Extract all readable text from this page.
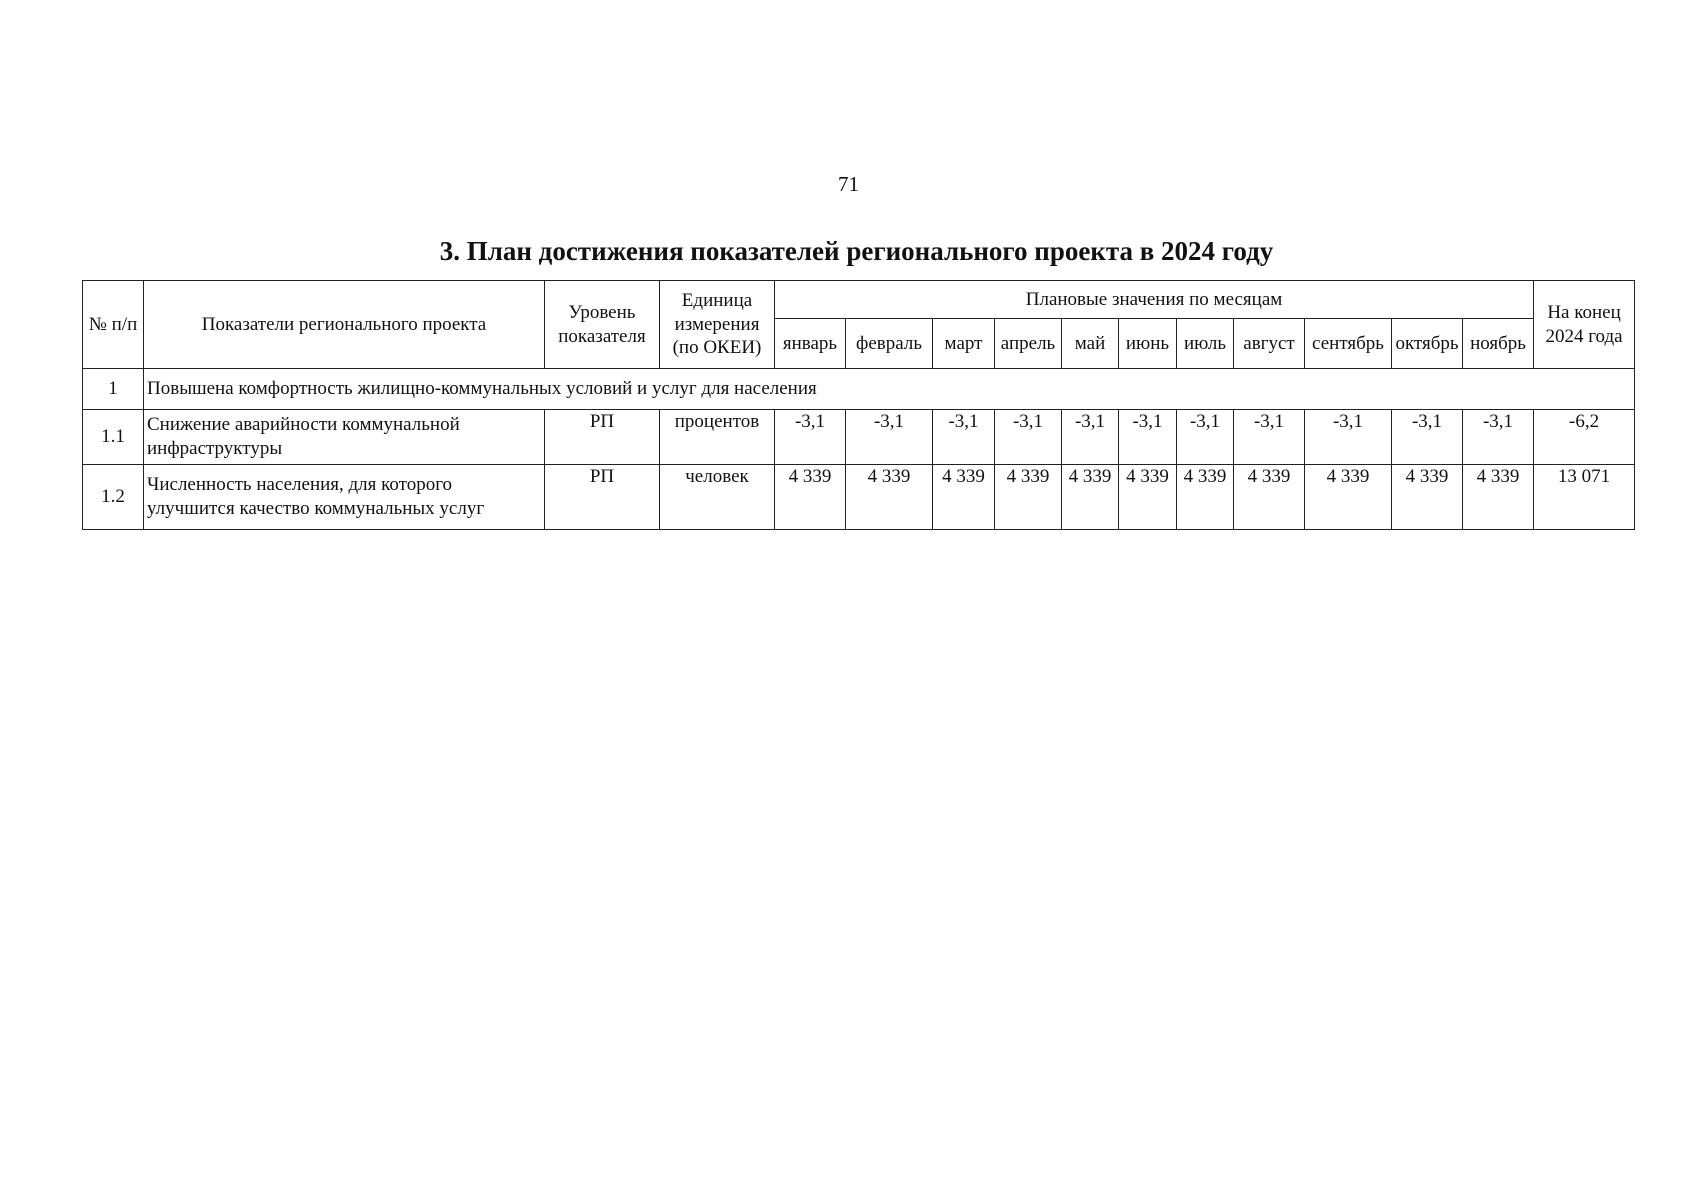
71
3. План достижения показателей регионального проекта в 2024 году
№ п/п	Показатели регионального проекта	Уровень показателя	Единица измерения (по ОКЕИ)	Плановые значения по месяцам											На конец 2024 года
				январь	февраль	март	апрель	май	июнь	июль	август	сентябрь	октябрь	ноябрь	
1	Повышена комфортность жилищно-коммунальных условий и услуг для населения														
1.1	Снижение аварийности коммунальной инфраструктуры	РП	процентов	-3,1	-3,1	-3,1	-3,1	-3,1	-3,1	-3,1	-3,1	-3,1	-3,1	-3,1	-6,2
1.2	Численность населения, для которого улучшится качество коммунальных услуг	РП	человек	4 339	4 339	4 339	4 339	4 339	4 339	4 339	4 339	4 339	4 339	4 339	13 071
